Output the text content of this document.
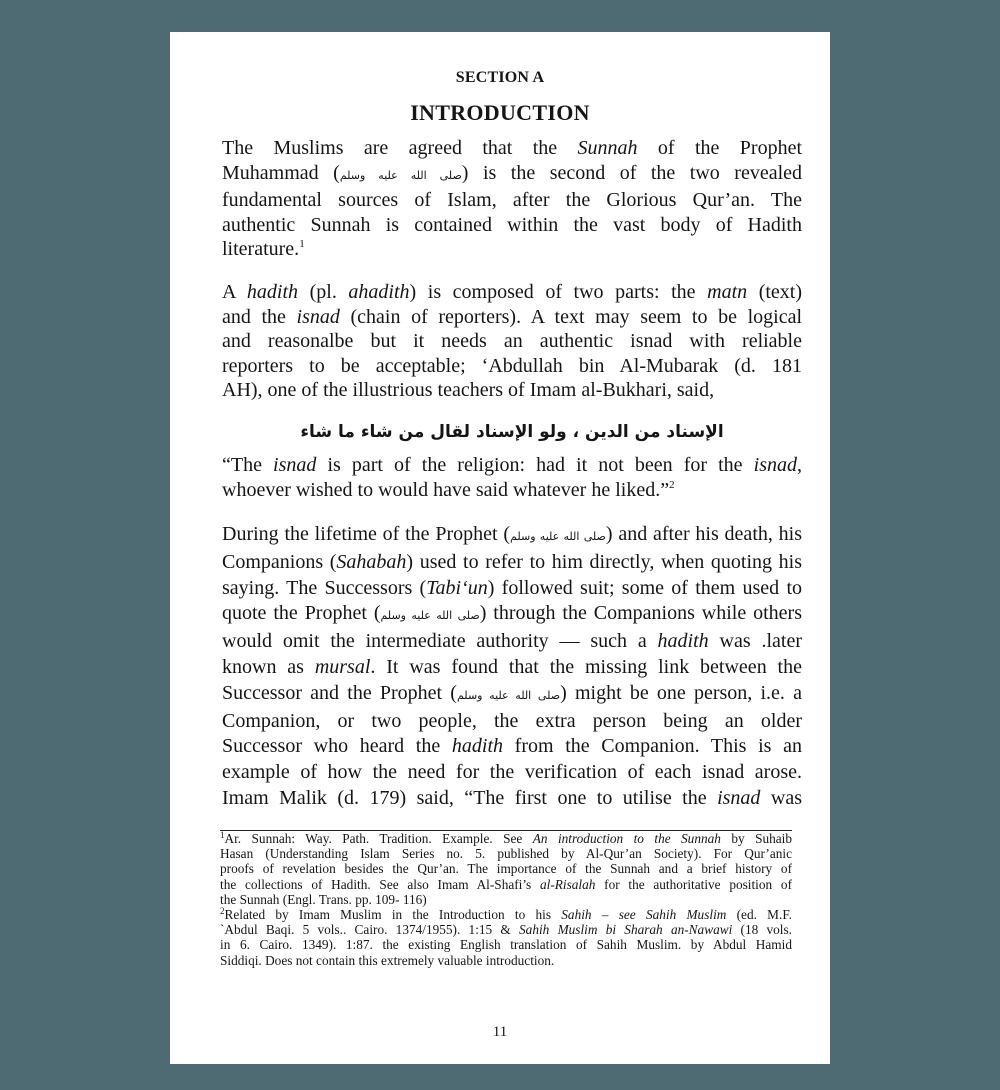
SECTION A
INTRODUCTION
The Muslims are agreed that the Sunnah of the Prophet
Muhammad (صلى الله عليه وسلم) is the second of the two revealed
fundamental sources of Islam, after the Glorious Qur’an. The
authentic Sunnah is contained within the vast body of Hadith
literature.$^1$
A hadith (pl. ahadith) is composed of two parts: the matn (text)
and the isnad (chain of reporters). A text may seem to be logical
and reasonalbe but it needs an authentic isnad with reliable
reporters to be acceptable; ‘Abdullah bin Al-Mubarak (d. 181
AH), one of the illustrious teachers of Imam al-Bukhari, said,
الإسناد من الدين ، ولو الإسناد لقال من شاء ما شاء
“The isnad is part of the religion: had it not been for the isnad,
whoever wished to would have said whatever he liked.”$^2$
During the lifetime of the Prophet (صلى الله عليه وسلم) and after his death, his
Companions (Sahabah) used to refer to him directly, when quoting his
saying. The Successors (Tabi‘un) followed suit; some of them used to
quote the Prophet (صلى الله عليه وسلم) through the Companions while others
would omit the intermediate authority — such a hadith was .later
known as mursal. It was found that the missing link between the
Successor and the Prophet (صلى الله عليه وسلم) might be one person, i.e. a
Companion, or two people, the extra person being an older
Successor who heard the hadith from the Companion. This is an
example of how the need for the verification of each isnad arose.
Imam Malik (d. 179) said, “The first one to utilise the isnad was
$^1$Ar. Sunnah: Way. Path. Tradition. Example. See An introduction to the Sunnah by Suhaib
Hasan (Understanding Islam Series no. 5. published by Al-Qur’an Society). For Qur’anic
proofs of revelation besides the Qur’an. The importance of the Sunnah and a brief history of
the collections of Hadith. See also Imam Al-Shafi’s al-Risalah for the authoritative position of
the Sunnah (Engl. Trans. pp. 109- 116)
$^2$Related by Imam Muslim in the Introduction to his Sahih – see Sahih Muslim (ed. M.F.
`Abdul Baqi. 5 vols.. Cairo. 1374/1955). 1:15 & Sahih Muslim bi Sharah an-Nawawi (18 vols.
in 6. Cairo. 1349). 1:87. the existing English translation of Sahih Muslim. by Abdul Hamid
Siddiqi. Does not contain this extremely valuable introduction.
11
